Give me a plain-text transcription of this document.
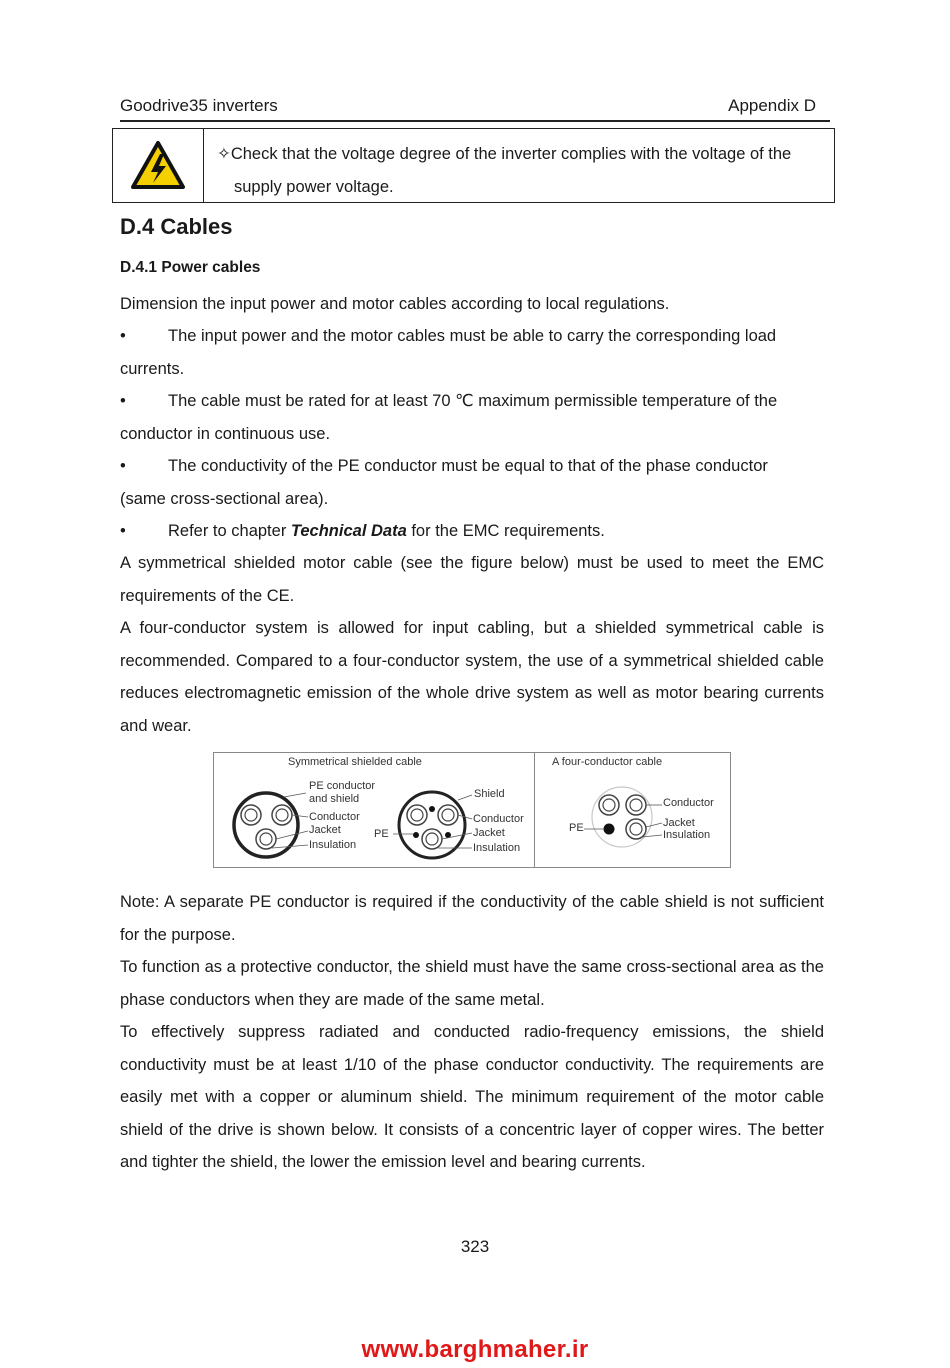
Goodrive35 inverters	Appendix D
✧Check that the voltage degree of the inverter complies with the voltage of the
supply power voltage.
D.4 Cables
D.4.1 Power cables
Dimension the input power and motor cables according to local regulations.
•	The input power and the motor cables must be able to carry the corresponding load
currents.
•	The cable must be rated for at least 70 ℃ maximum permissible temperature of the
conductor in continuous use.
•	The conductivity of the PE conductor must be equal to that of the phase conductor
(same cross-sectional area).
•	Refer to chapter Technical Data for the EMC requirements.
A symmetrical shielded motor cable (see the figure below) must be used to meet the EMC requirements of the CE.
A four-conductor system is allowed for input cabling, but a shielded symmetrical cable is recommended. Compared to a four-conductor system, the use of a symmetrical shielded cable reduces electromagnetic emission of the whole drive system as well as motor bearing currents and wear.
Symmetrical shielded cable	A four-conductor cable
PE conductor
and shield
Conductor
Jacket
Insulation
PE
Shield
Conductor
Jacket
Insulation
Conductor
PE	Jacket
Insulation
Note: A separate PE conductor is required if the conductivity of the cable shield is not sufficient for the purpose.
To function as a protective conductor, the shield must have the same cross-sectional area as the phase conductors when they are made of the same metal.
To effectively suppress radiated and conducted radio-frequency emissions, the shield conductivity must be at least 1/10 of the phase conductor conductivity. The requirements are easily met with a copper or aluminum shield. The minimum requirement of the motor cable shield of the drive is shown below. It consists of a concentric layer of copper wires. The better and tighter the shield, the lower the emission level and bearing currents.
323
www.barghmaher.ir
